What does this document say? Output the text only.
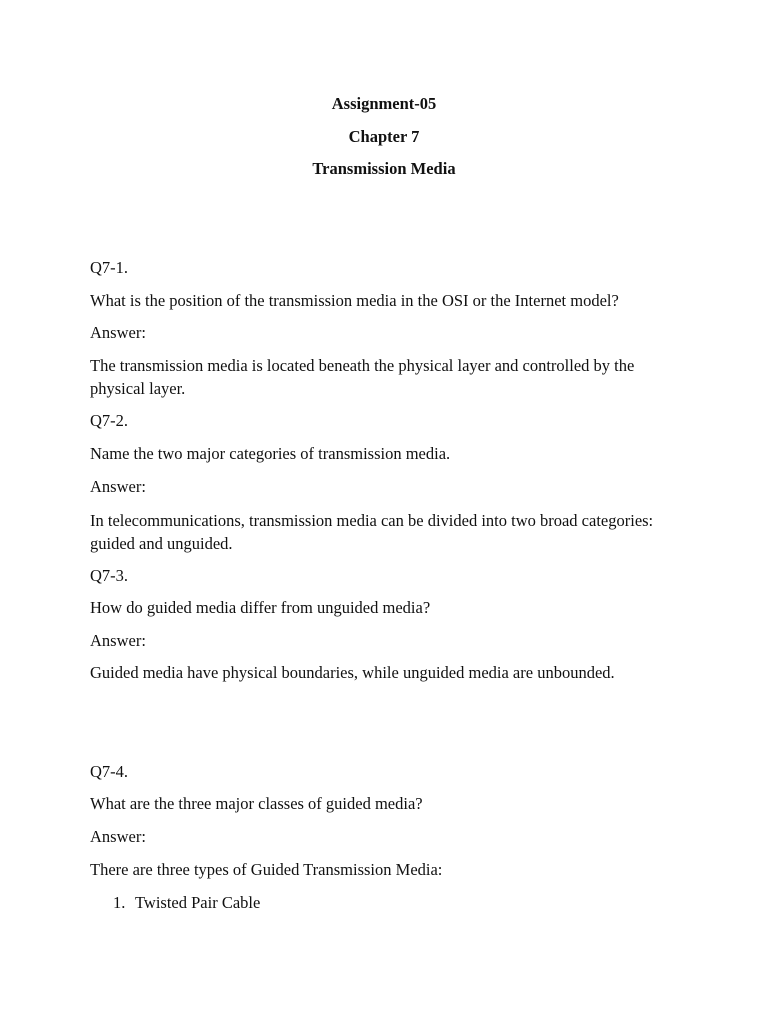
Assignment-05
Chapter 7
Transmission Media
Q7-1.
What is the position of the transmission media in the OSI or the Internet model?
Answer:
The transmission media is located beneath the physical layer and controlled by the physical layer.
Q7-2.
Name the two major categories of transmission media.
Answer:
In telecommunications, transmission media can be divided into two broad categories: guided and unguided.
Q7-3.
How do guided media differ from unguided media?
Answer:
Guided media have physical boundaries, while unguided media are unbounded.
Q7-4.
What are the three major classes of guided media?
Answer:
There are three types of Guided Transmission Media:
1. Twisted Pair Cable
